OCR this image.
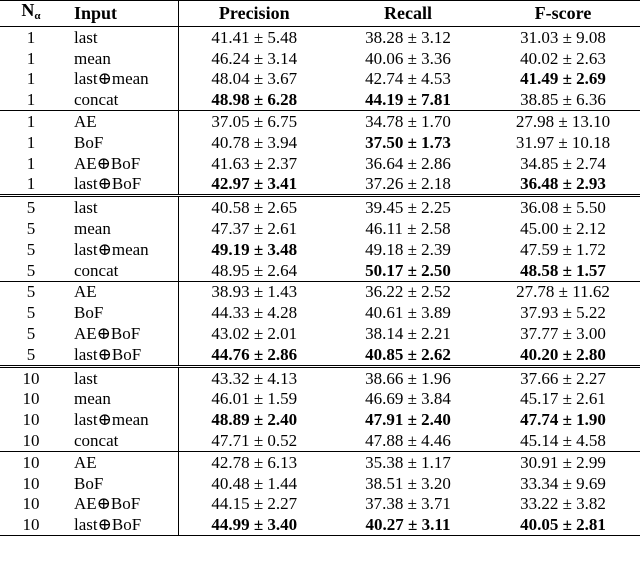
$N_\alpha$	Input	Precision	Recall	F-score
1	last	41.41 ± 5.48	38.28 ± 3.12	31.03 ± 9.08
1	mean	46.24 ± 3.14	40.06 ± 3.36	40.02 ± 2.63
1	last⊕mean	48.04 ± 3.67	42.74 ± 4.53	41.49 ± 2.69
1	concat	48.98 ± 6.28	44.19 ± 7.81	38.85 ± 6.36
1	AE	37.05 ± 6.75	34.78 ± 1.70	27.98 ± 13.10
1	BoF	40.78 ± 3.94	37.50 ± 1.73	31.97 ± 10.18
1	AE⊕BoF	41.63 ± 2.37	36.64 ± 2.86	34.85 ± 2.74
1	last⊕BoF	42.97 ± 3.41	37.26 ± 2.18	36.48 ± 2.93
5	last	40.58 ± 2.65	39.45 ± 2.25	36.08 ± 5.50
5	mean	47.37 ± 2.61	46.11 ± 2.58	45.00 ± 2.12
5	last⊕mean	49.19 ± 3.48	49.18 ± 2.39	47.59 ± 1.72
5	concat	48.95 ± 2.64	50.17 ± 2.50	48.58 ± 1.57
5	AE	38.93 ± 1.43	36.22 ± 2.52	27.78 ± 11.62
5	BoF	44.33 ± 4.28	40.61 ± 3.89	37.93 ± 5.22
5	AE⊕BoF	43.02 ± 2.01	38.14 ± 2.21	37.77 ± 3.00
5	last⊕BoF	44.76 ± 2.86	40.85 ± 2.62	40.20 ± 2.80
10	last	43.32 ± 4.13	38.66 ± 1.96	37.66 ± 2.27
10	mean	46.01 ± 1.59	46.69 ± 3.84	45.17 ± 2.61
10	last⊕mean	48.89 ± 2.40	47.91 ± 2.40	47.74 ± 1.90
10	concat	47.71 ± 0.52	47.88 ± 4.46	45.14 ± 4.58
10	AE	42.78 ± 6.13	35.38 ± 1.17	30.91 ± 2.99
10	BoF	40.48 ± 1.44	38.51 ± 3.20	33.34 ± 9.69
10	AE⊕BoF	44.15 ± 2.27	37.38 ± 3.71	33.22 ± 3.82
10	last⊕BoF	44.99 ± 3.40	40.27 ± 3.11	40.05 ± 2.81
